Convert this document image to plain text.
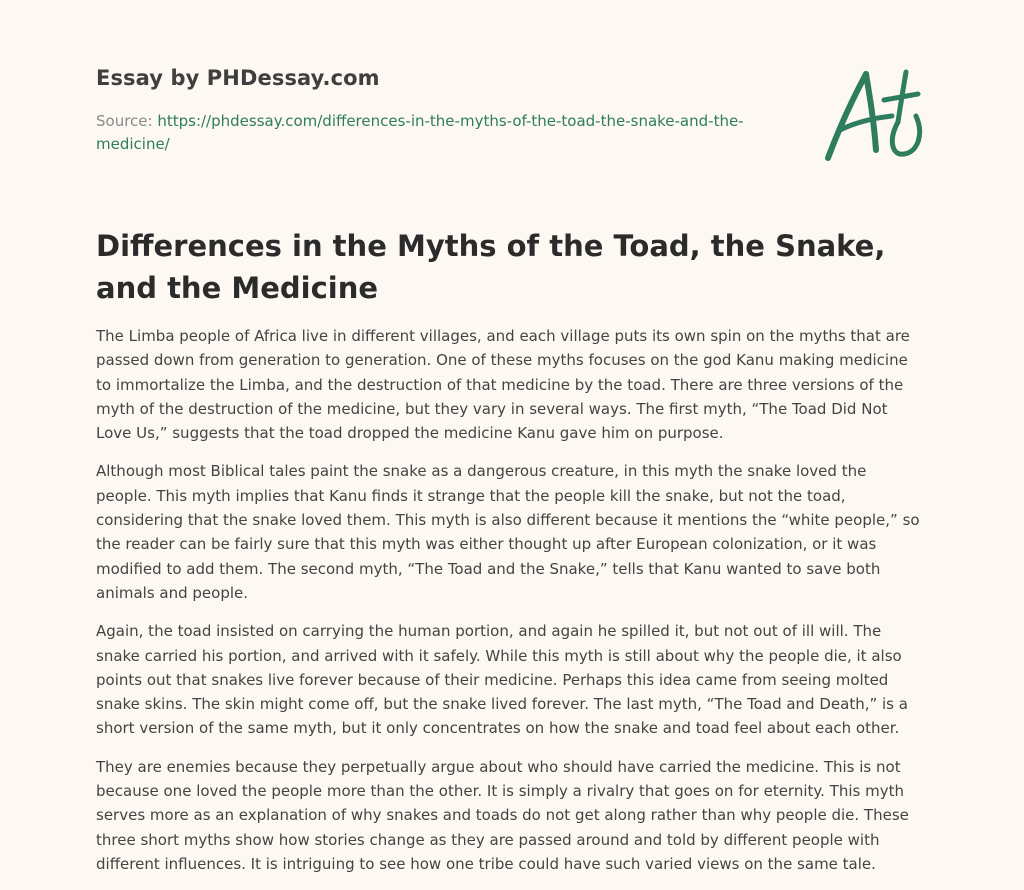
Essay by PHDessay.com
Source: https://phdessay.com/differences-in-the-myths-of-the-toad-the-snake-and-the-medicine/
Differences in the Myths of the Toad, the Snake, and the Medicine

The Limba people of Africa live in different villages, and each village puts its own spin on the myths that are passed down from generation to generation. One of these myths focuses on the god Kanu making medicine to immortalize the Limba, and the destruction of that medicine by the toad. There are three versions of the myth of the destruction of the medicine, but they vary in several ways. The first myth, “The Toad Did Not Love Us,” suggests that the toad dropped the medicine Kanu gave him on purpose.

Although most Biblical tales paint the snake as a dangerous creature, in this myth the snake loved the people. This myth implies that Kanu finds it strange that the people kill the snake, but not the toad, considering that the snake loved them. This myth is also different because it mentions the “white people,” so the reader can be fairly sure that this myth was either thought up after European colonization, or it was modified to add them. The second myth, “The Toad and the Snake,” tells that Kanu wanted to save both animals and people.

Again, the toad insisted on carrying the human portion, and again he spilled it, but not out of ill will. The snake carried his portion, and arrived with it safely. While this myth is still about why the people die, it also points out that snakes live forever because of their medicine. Perhaps this idea came from seeing molted snake skins. The skin might come off, but the snake lived forever. The last myth, “The Toad and Death,” is a short version of the same myth, but it only concentrates on how the snake and toad feel about each other.

They are enemies because they perpetually argue about who should have carried the medicine. This is not because one loved the people more than the other. It is simply a rivalry that goes on for eternity. This myth serves more as an explanation of why snakes and toads do not get along rather than why people die. These three short myths show how stories change as they are passed around and told by different people with different influences. It is intriguing to see how one tribe could have such varied views on the same tale.
